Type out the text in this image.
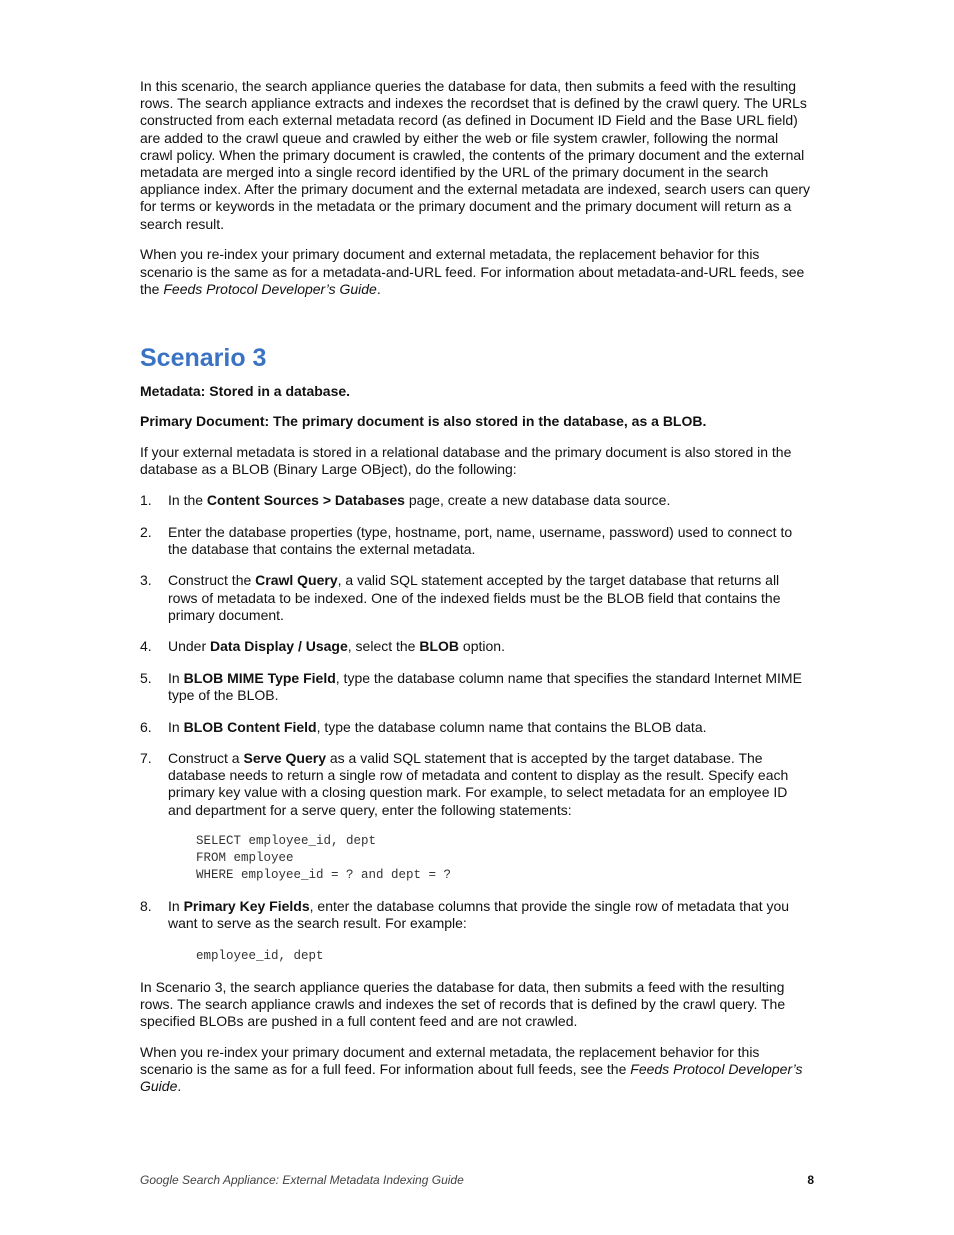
In this scenario, the search appliance queries the database for data, then submits a feed with the resulting rows. The search appliance extracts and indexes the recordset that is defined by the crawl query. The URLs constructed from each external metadata record (as defined in Document ID Field and the Base URL field) are added to the crawl queue and crawled by either the web or file system crawler, following the normal crawl policy. When the primary document is crawled, the contents of the primary document and the external metadata are merged into a single record identified by the URL of the primary document in the search appliance index. After the primary document and the external metadata are indexed, search users can query for terms or keywords in the metadata or the primary document and the primary document will return as a search result.

When you re-index your primary document and external metadata, the replacement behavior for this scenario is the same as for a metadata-and-URL feed. For information about metadata-and-URL feeds, see the Feeds Protocol Developer’s Guide.

Scenario 3

Metadata: Stored in a database.

Primary Document: The primary document is also stored in the database, as a BLOB.

If your external metadata is stored in a relational database and the primary document is also stored in the database as a BLOB (Binary Large OBject), do the following:

1. In the Content Sources > Databases page, create a new database data source.
2. Enter the database properties (type, hostname, port, name, username, password) used to connect to the database that contains the external metadata.
3. Construct the Crawl Query, a valid SQL statement accepted by the target database that returns all rows of metadata to be indexed. One of the indexed fields must be the BLOB field that contains the primary document.
4. Under Data Display / Usage, select the BLOB option.
5. In BLOB MIME Type Field, type the database column name that specifies the standard Internet MIME type of the BLOB.
6. In BLOB Content Field, type the database column name that contains the BLOB data.
7. Construct a Serve Query as a valid SQL statement that is accepted by the target database. The database needs to return a single row of metadata and content to display as the result. Specify each primary key value with a closing question mark. For example, to select metadata for an employee ID and department for a serve query, enter the following statements:
SELECT employee_id, dept
FROM employee
WHERE employee_id = ? and dept = ?
8. In Primary Key Fields, enter the database columns that provide the single row of metadata that you want to serve as the search result. For example:
employee_id, dept

In Scenario 3, the search appliance queries the database for data, then submits a feed with the resulting rows. The search appliance crawls and indexes the set of records that is defined by the crawl query. The specified BLOBs are pushed in a full content feed and are not crawled.

When you re-index your primary document and external metadata, the replacement behavior for this scenario is the same as for a full feed. For information about full feeds, see the Feeds Protocol Developer’s Guide.

Google Search Appliance: External Metadata Indexing Guide	8
